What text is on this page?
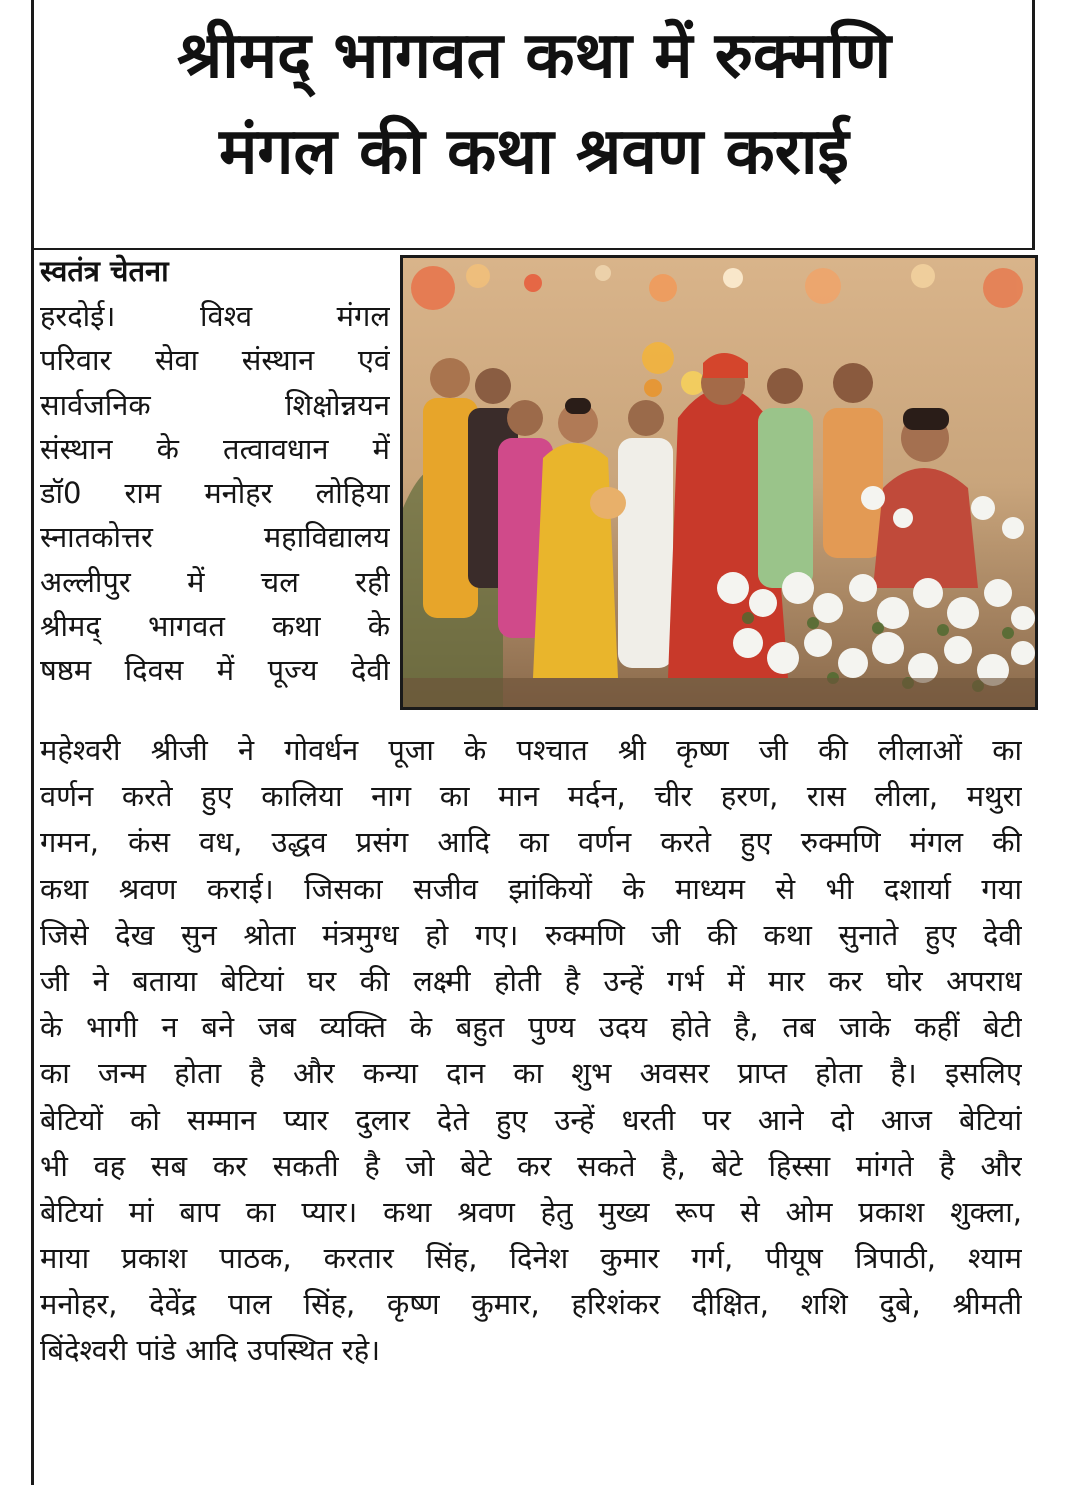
श्रीमद् भागवत कथा में रुक्मणि
मंगल की कथा श्रवण कराई
स्वतंत्र चेतना
हरदोई। विश्व मंगल
परिवार सेवा संस्थान एवं
सार्वजनिक शिक्षोन्नयन
संस्थान के तत्वावधान में
डॉ0 राम मनोहर लोहिया
स्नातकोत्तर महाविद्यालय
अल्लीपुर में चल रही
श्रीमद् भागवत कथा के
षष्ठम दिवस में पूज्य देवी
महेश्वरी श्रीजी ने गोवर्धन पूजा के पश्चात श्री कृष्ण जी की लीलाओं का
वर्णन करते हुए कालिया नाग का मान मर्दन, चीर हरण, रास लीला, मथुरा
गमन, कंस वध, उद्धव प्रसंग आदि का वर्णन करते हुए रुक्मणि मंगल की
कथा श्रवण कराई। जिसका सजीव झांकियों के माध्यम से भी दशार्या गया
जिसे देख सुन श्रोता मंत्रमुग्ध हो गए। रुक्मणि जी की कथा सुनाते हुए देवी
जी ने बताया बेटियां घर की लक्ष्मी होती है उन्हें गर्भ में मार कर घोर अपराध
के भागी न बने जब व्यक्ति के बहुत पुण्य उदय होते है, तब जाके कहीं बेटी
का जन्म होता है और कन्या दान का शुभ अवसर प्राप्त होता है। इसलिए
बेटियों को सम्मान प्यार दुलार देते हुए उन्हें धरती पर आने दो आज बेटियां
भी वह सब कर सकती है जो बेटे कर सकते है, बेटे हिस्सा मांगते है और
बेटियां मां बाप का प्यार। कथा श्रवण हेतु मुख्य रूप से ओम प्रकाश शुक्ला,
माया प्रकाश पाठक, करतार सिंह, दिनेश कुमार गर्ग, पीयूष त्रिपाठी, श्याम
मनोहर, देवेंद्र पाल सिंह, कृष्ण कुमार, हरिशंकर दीक्षित, शशि दुबे, श्रीमती
बिंदेश्वरी पांडे आदि उपस्थित रहे।
